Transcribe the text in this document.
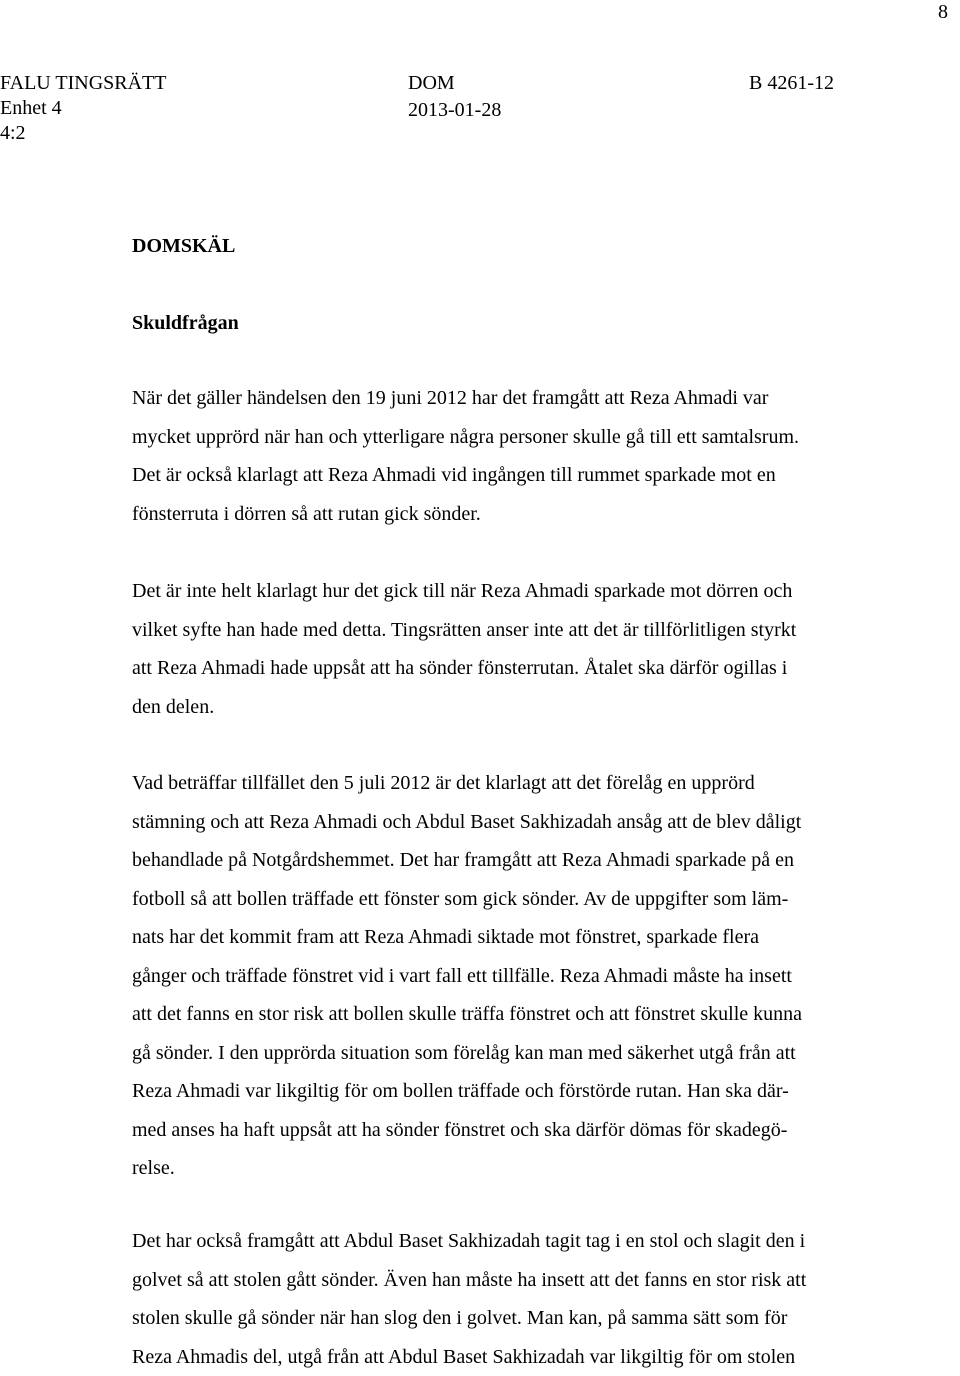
8
FALU TINGSRÄTT
Enhet 4
4:2
DOM
2013-01-28
B 4261-12
DOMSKÄL
Skuldfrågan
När det gäller händelsen den 19 juni 2012 har det framgått att Reza Ahmadi var
mycket upprörd när han och ytterligare några personer skulle gå till ett samtalsrum.
Det är också klarlagt att Reza Ahmadi vid ingången till rummet sparkade mot en
fönsterruta i dörren så att rutan gick sönder.
Det är inte helt klarlagt hur det gick till när Reza Ahmadi sparkade mot dörren och
vilket syfte han hade med detta. Tingsrätten anser inte att det är tillförlitligen styrkt
att Reza Ahmadi hade uppsåt att ha sönder fönsterrutan. Åtalet ska därför ogillas i
den delen.
Vad beträffar tillfället den 5 juli 2012 är det klarlagt att det förelåg en upprörd
stämning och att Reza Ahmadi och Abdul Baset Sakhizadah ansåg att de blev dåligt
behandlade på Notgårdshemmet. Det har framgått att Reza Ahmadi sparkade på en
fotboll så att bollen träffade ett fönster som gick sönder. Av de uppgifter som läm-
nats har det kommit fram att Reza Ahmadi siktade mot fönstret, sparkade flera
gånger och träffade fönstret vid i vart fall ett tillfälle. Reza Ahmadi måste ha insett
att det fanns en stor risk att bollen skulle träffa fönstret och att fönstret skulle kunna
gå sönder. I den upprörda situation som förelåg kan man med säkerhet utgå från att
Reza Ahmadi var likgiltig för om bollen träffade och förstörde rutan. Han ska där-
med anses ha haft uppsåt att ha sönder fönstret och ska därför dömas för skadegö-
relse.
Det har också framgått att Abdul Baset Sakhizadah tagit tag i en stol och slagit den i
golvet så att stolen gått sönder. Även han måste ha insett att det fanns en stor risk att
stolen skulle gå sönder när han slog den i golvet. Man kan, på samma sätt som för
Reza Ahmadis del, utgå från att Abdul Baset Sakhizadah var likgiltig för om stolen
